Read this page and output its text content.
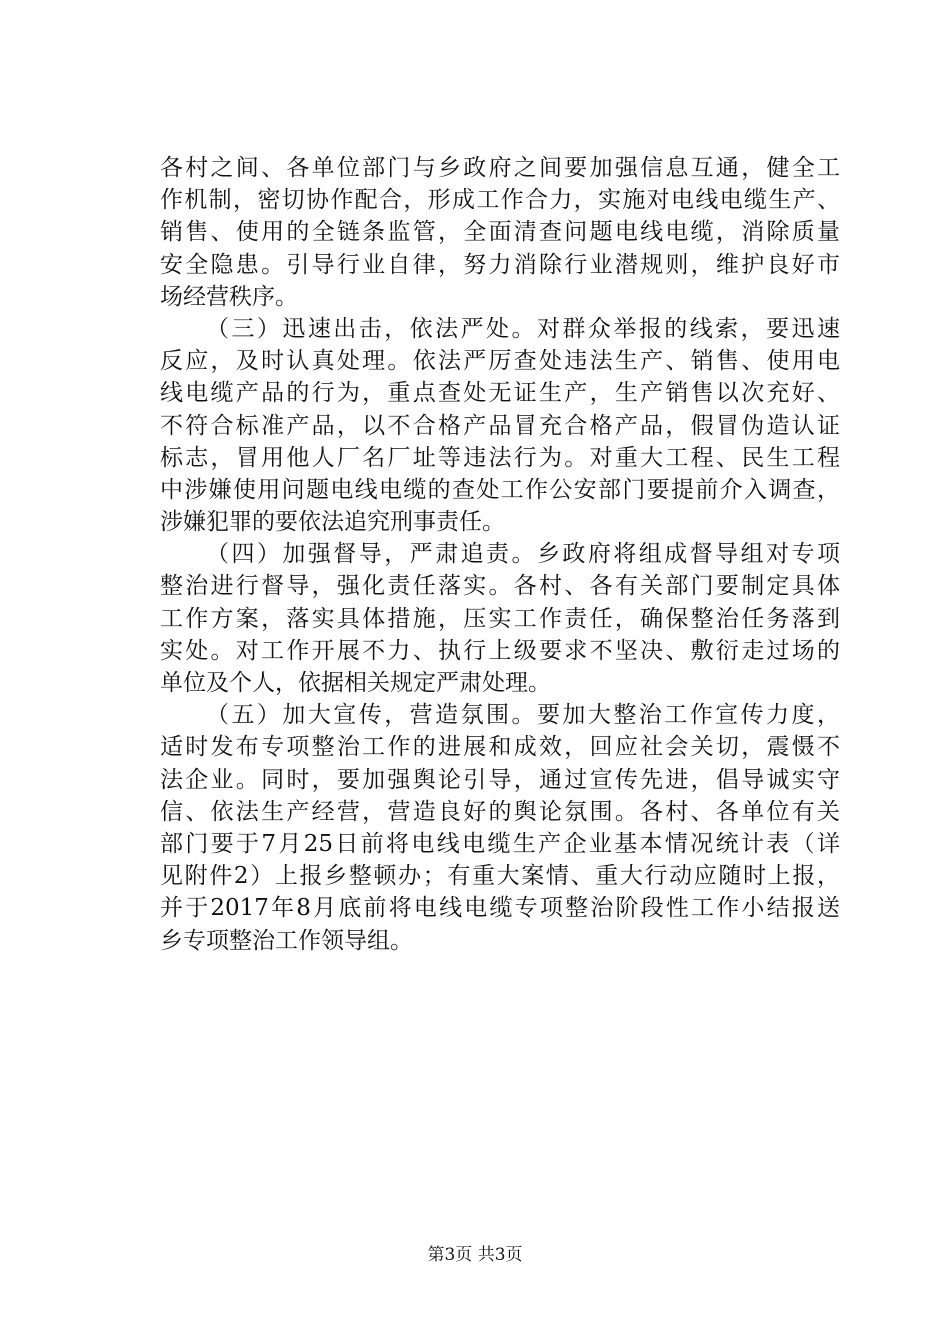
各村之间、各单位部门与乡政府之间要加强信息互通，健全工
作机制，密切协作配合，形成工作合力，实施对电线电缆生产、
销售、使用的全链条监管，全面清查问题电线电缆，消除质量
安全隐患。引导行业自律，努力消除行业潜规则，维护良好市
场经营秩序。
（三）迅速出击，依法严处。对群众举报的线索，要迅速
反应，及时认真处理。依法严厉查处违法生产、销售、使用电
线电缆产品的行为，重点查处无证生产，生产销售以次充好、
不符合标准产品，以不合格产品冒充合格产品，假冒伪造认证
标志，冒用他人厂名厂址等违法行为。对重大工程、民生工程
中涉嫌使用问题电线电缆的查处工作公安部门要提前介入调查，
涉嫌犯罪的要依法追究刑事责任。
（四）加强督导，严肃追责。乡政府将组成督导组对专项
整治进行督导，强化责任落实。各村、各有关部门要制定具体
工作方案，落实具体措施，压实工作责任，确保整治任务落到
实处。对工作开展不力、执行上级要求不坚决、敷衍走过场的
单位及个人，依据相关规定严肃处理。
（五）加大宣传，营造氛围。要加大整治工作宣传力度，
适时发布专项整治工作的进展和成效，回应社会关切，震慑不
法企业。同时，要加强舆论引导，通过宣传先进，倡导诚实守
信、依法生产经营，营造良好的舆论氛围。各村、各单位有关
部门要于7月25日前将电线电缆生产企业基本情况统计表（详
见附件2）上报乡整顿办；有重大案情、重大行动应随时上报，
并于2017年8月底前将电线电缆专项整治阶段性工作小结报送
乡专项整治工作领导组。
第3页 共3页
